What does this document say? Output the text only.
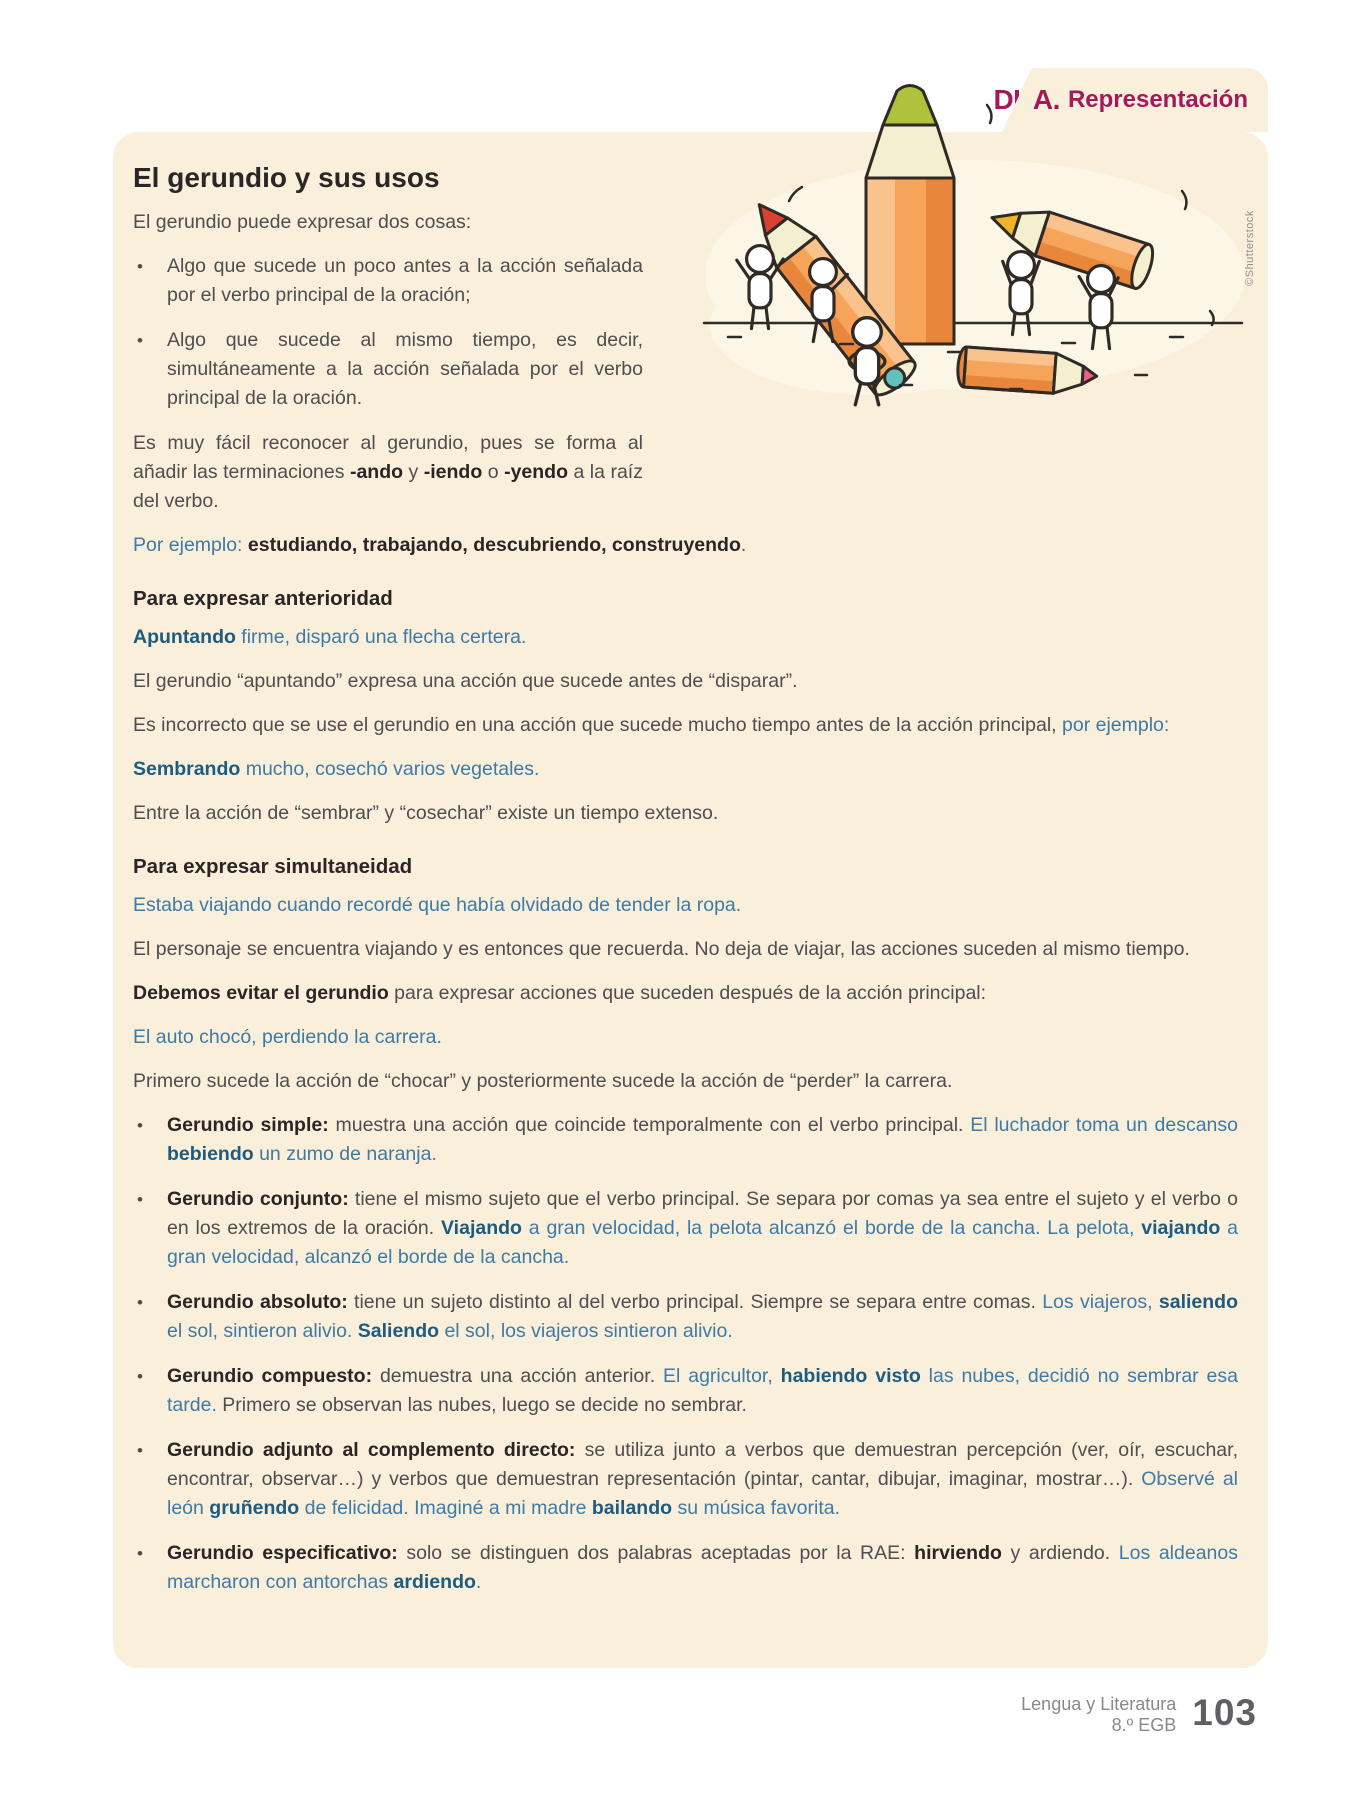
DUA. Representación
El gerundio y sus usos

El gerundio puede expresar dos cosas:

•	Algo que sucede un poco antes a la acción señalada por el verbo principal de la oración;
•	Algo que sucede al mismo tiempo, es decir, simultáneamente a la acción señalada por el verbo principal de la oración.

Es muy fácil reconocer al gerundio, pues se forma al añadir las terminaciones -ando y -iendo o -yendo a la raíz del verbo.

Por ejemplo: estudiando, trabajando, descubriendo, construyendo.

Para expresar anterioridad

Apuntando firme, disparó una flecha certera.

El gerundio “apuntando” expresa una acción que sucede antes de “disparar”.

Es incorrecto que se use el gerundio en una acción que sucede mucho tiempo antes de la acción principal, por ejemplo:

Sembrando mucho, cosechó varios vegetales.

Entre la acción de “sembrar” y “cosechar” existe un tiempo extenso.

Para expresar simultaneidad

Estaba viajando cuando recordé que había olvidado de tender la ropa.

El personaje se encuentra viajando y es entonces que recuerda. No deja de viajar, las acciones suceden al mismo tiempo.

Debemos evitar el gerundio para expresar acciones que suceden después de la acción principal:

El auto chocó, perdiendo la carrera.

Primero sucede la acción de “chocar” y posteriormente sucede la acción de “perder” la carrera.

•	Gerundio simple: muestra una acción que coincide temporalmente con el verbo principal. El luchador toma un descanso bebiendo un zumo de naranja.
•	Gerundio conjunto: tiene el mismo sujeto que el verbo principal. Se separa por comas ya sea entre el sujeto y el verbo o en los extremos de la oración. Viajando a gran velocidad, la pelota alcanzó el borde de la cancha. La pelota, viajando a gran velocidad, alcanzó el borde de la cancha.
•	Gerundio absoluto: tiene un sujeto distinto al del verbo principal. Siempre se separa entre comas. Los viajeros, saliendo el sol, sintieron alivio. Saliendo el sol, los viajeros sintieron alivio.
•	Gerundio compuesto: demuestra una acción anterior. El agricultor, habiendo visto las nubes, decidió no sembrar esa tarde. Primero se observan las nubes, luego se decide no sembrar.
•	Gerundio adjunto al complemento directo: se utiliza junto a verbos que demuestran percepción (ver, oír, escuchar, encontrar, observar…) y verbos que demuestran representación (pintar, cantar, dibujar, imaginar, mostrar…). Observé al león gruñendo de felicidad. Imaginé a mi madre bailando su música favorita.
•	Gerundio especificativo: solo se distinguen dos palabras aceptadas por la RAE: hirviendo y ardiendo. Los aldeanos marcharon con antorchas ardiendo.
©Shutterstock
Lengua y Literatura
8.º EGB 103
